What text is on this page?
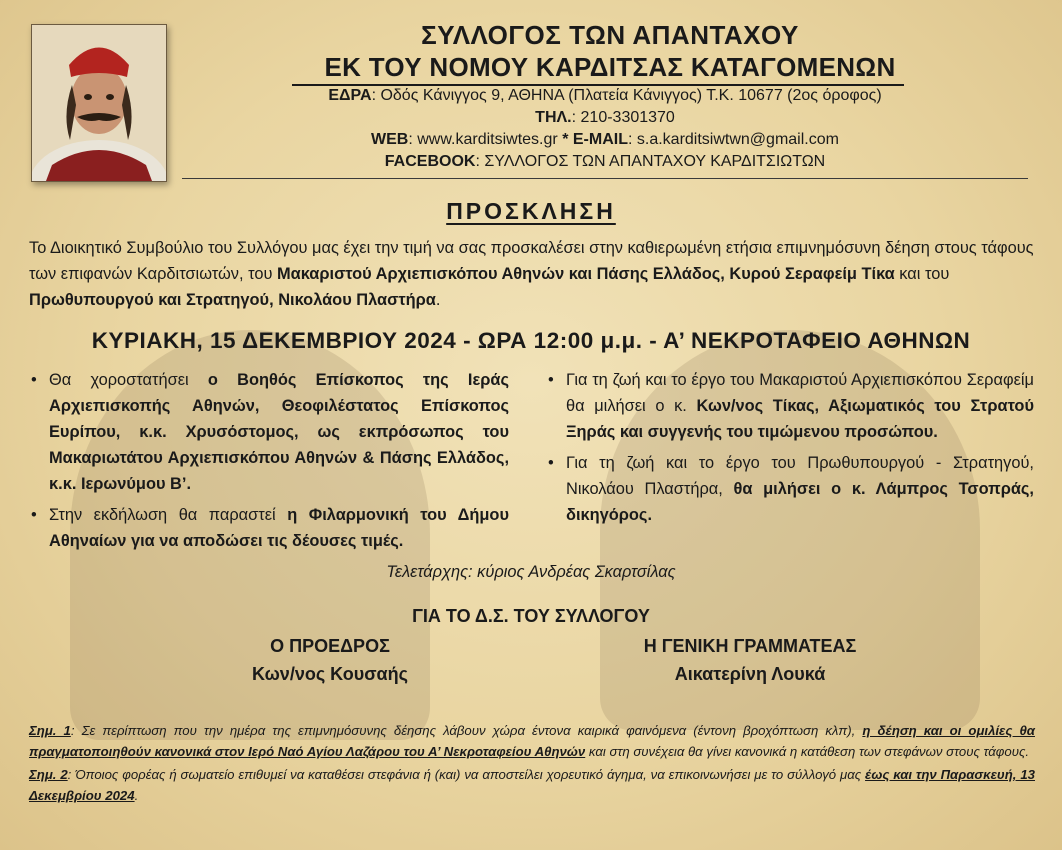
ΣΥΛΛΟΓΟΣ ΤΩΝ ΑΠΑΝΤΑΧΟΥ
ΕΚ ΤΟΥ ΝΟΜΟΥ ΚΑΡΔΙΤΣΑΣ ΚΑΤΑΓΟΜΕΝΩΝ
ΕΔΡΑ: Οδός Κάνιγγος 9, ΑΘΗΝΑ (Πλατεία Κάνιγγος) Τ.Κ. 10677 (2ος όροφος)
ΤΗΛ.: 210-3301370
WEB: www.karditsiwtes.gr * E-MAIL: s.a.karditsiwtwn@gmail.com
FACEBOOK: ΣΥΛΛΟΓΟΣ ΤΩΝ ΑΠΑΝΤΑΧΟΥ ΚΑΡΔΙΤΣΙΩΤΩΝ
ΠΡΟΣΚΛΗΣΗ
Το Διοικητικό Συμβούλιο του Συλλόγου μας έχει την τιμή να σας προσκαλέσει στην καθιερωμένη ετήσια επιμνημόσυνη δέηση στους τάφους των επιφανών Καρδιτσιωτών, του Μακαριστού Αρχιεπισκόπου Αθηνών και Πάσης Ελλάδος, Κυρού Σεραφείμ Τίκα και του Πρωθυπουργού και Στρατηγού, Νικολάου Πλαστήρα.
ΚΥΡΙΑΚΗ, 15 ΔΕΚΕΜΒΡΙΟΥ 2024 - ΩΡΑ 12:00 μ.μ. - Α’ ΝΕΚΡΟΤΑΦΕΙΟ ΑΘΗΝΩΝ
• Θα χοροστατήσει ο Βοηθός Επίσκοπος της Ιεράς Αρχιεπισκοπής Αθηνών, Θεοφιλέστατος Επίσκοπος Ευρίπου, κ.κ. Χρυσόστομος, ως εκπρόσωπος του Μακαριωτάτου Αρχιεπισκόπου Αθηνών & Πάσης Ελλάδος, κ.κ. Ιερωνύμου Β’.
• Στην εκδήλωση θα παραστεί η Φιλαρμονική του Δήμου Αθηναίων για να αποδώσει τις δέουσες τιμές.
• Για τη ζωή και το έργο του Μακαριστού Αρχιεπισκόπου Σεραφείμ θα μιλήσει ο κ. Κων/νος Τίκας, Αξιωματικός του Στρατού Ξηράς και συγγενής του τιμώμενου προσώπου.
• Για τη ζωή και το έργο του Πρωθυπουργού - Στρατηγού, Νικολάου Πλαστήρα, θα μιλήσει ο κ. Λάμπρος Τσοπράς, δικηγόρος.
Τελετάρχης: κύριος Ανδρέας Σκαρτσίλας
ΓΙΑ ΤΟ Δ.Σ. ΤΟΥ ΣΥΛΛΟΓΟΥ
Ο ΠΡΟΕΔΡΟΣ
Κων/νος Κουσαής
Η ΓΕΝΙΚΗ ΓΡΑΜΜΑΤΕΑΣ
Αικατερίνη Λουκά
Σημ. 1: Σε περίπτωση που την ημέρα της επιμνημόσυνης δέησης λάβουν χώρα έντονα καιρικά φαινόμενα (έντονη βροχόπτωση κλπ), η δέηση και οι ομιλίες θα πραγματοποιηθούν κανονικά στον Ιερό Ναό Αγίου Λαζάρου του Α’ Νεκροταφείου Αθηνών και στη συνέχεια θα γίνει κανονικά η κατάθεση των στεφάνων στους τάφους.
Σημ. 2: Όποιος φορέας ή σωματείο επιθυμεί να καταθέσει στεφάνια ή (και) να αποστείλει χορευτικό άγημα, να επικοινωνήσει με το σύλλογό μας έως και την Παρασκευή, 13 Δεκεμβρίου 2024.
